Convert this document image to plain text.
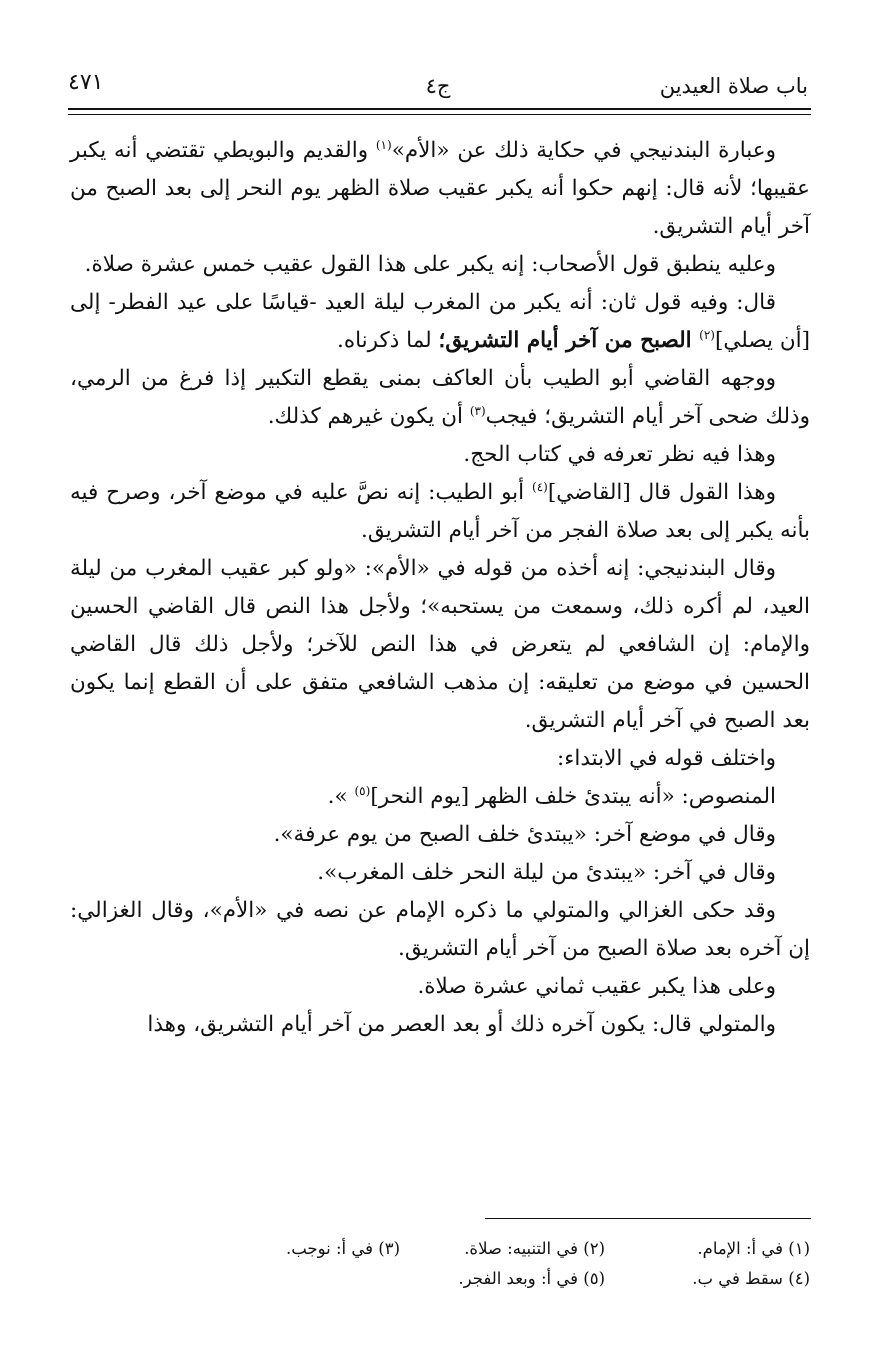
باب صلاة العيدين
ج٤
٤٧١

وعبارة البندنيجي في حكاية ذلك عن «الأم»$^{(١)}$ والقديم والبويطي تقتضي أنه يكبر عقيبها؛ لأنه قال: إنهم حكوا أنه يكبر عقيب صلاة الظهر يوم النحر إلى بعد الصبح من آخر أيام التشريق.

وعليه ينطبق قول الأصحاب: إنه يكبر على هذا القول عقيب خمس عشرة صلاة.

قال: وفيه قول ثان: أنه يكبر من المغرب ليلة العيد -قياسًا على عيد الفطر- إلى [أن يصلي]$^{(٢)}$ الصبح من آخر أيام التشريق؛ لما ذكرناه.

ووجهه القاضي أبو الطيب بأن العاكف بمنى يقطع التكبير إذا فرغ من الرمي، وذلك ضحى آخر أيام التشريق؛ فيجب$^{(٣)}$ أن يكون غيرهم كذلك.

وهذا فيه نظر تعرفه في كتاب الحج.

وهذا القول قال [القاضي]$^{(٤)}$ أبو الطيب: إنه نصَّ عليه في موضع آخر، وصرح فيه بأنه يكبر إلى بعد صلاة الفجر من آخر أيام التشريق.

وقال البندنيجي: إنه أخذه من قوله في «الأم»: «ولو كبر عقيب المغرب من ليلة العيد، لم أكره ذلك، وسمعت من يستحبه»؛ ولأجل هذا النص قال القاضي الحسين والإمام: إن الشافعي لم يتعرض في هذا النص للآخر؛ ولأجل ذلك قال القاضي الحسين في موضع من تعليقه: إن مذهب الشافعي متفق على أن القطع إنما يكون بعد الصبح في آخر أيام التشريق.

واختلف قوله في الابتداء:

المنصوص: «أنه يبتدئ خلف الظهر [يوم النحر]$^{(٥)}$ ».

وقال في موضع آخر: «يبتدئ خلف الصبح من يوم عرفة».

وقال في آخر: «يبتدئ من ليلة النحر خلف المغرب».

وقد حكى الغزالي والمتولي ما ذكره الإمام عن نصه في «الأم»، وقال الغزالي: إن آخره بعد صلاة الصبح من آخر أيام التشريق.

وعلى هذا يكبر عقيب ثماني عشرة صلاة.

والمتولي قال: يكون آخره ذلك أو بعد العصر من آخر أيام التشريق، وهذا

(١) في أ: الإمام.
(٢) في التنبيه: صلاة.
(٣) في أ: نوجب.
(٤) سقط في ب.
(٥) في أ: وبعد الفجر.
